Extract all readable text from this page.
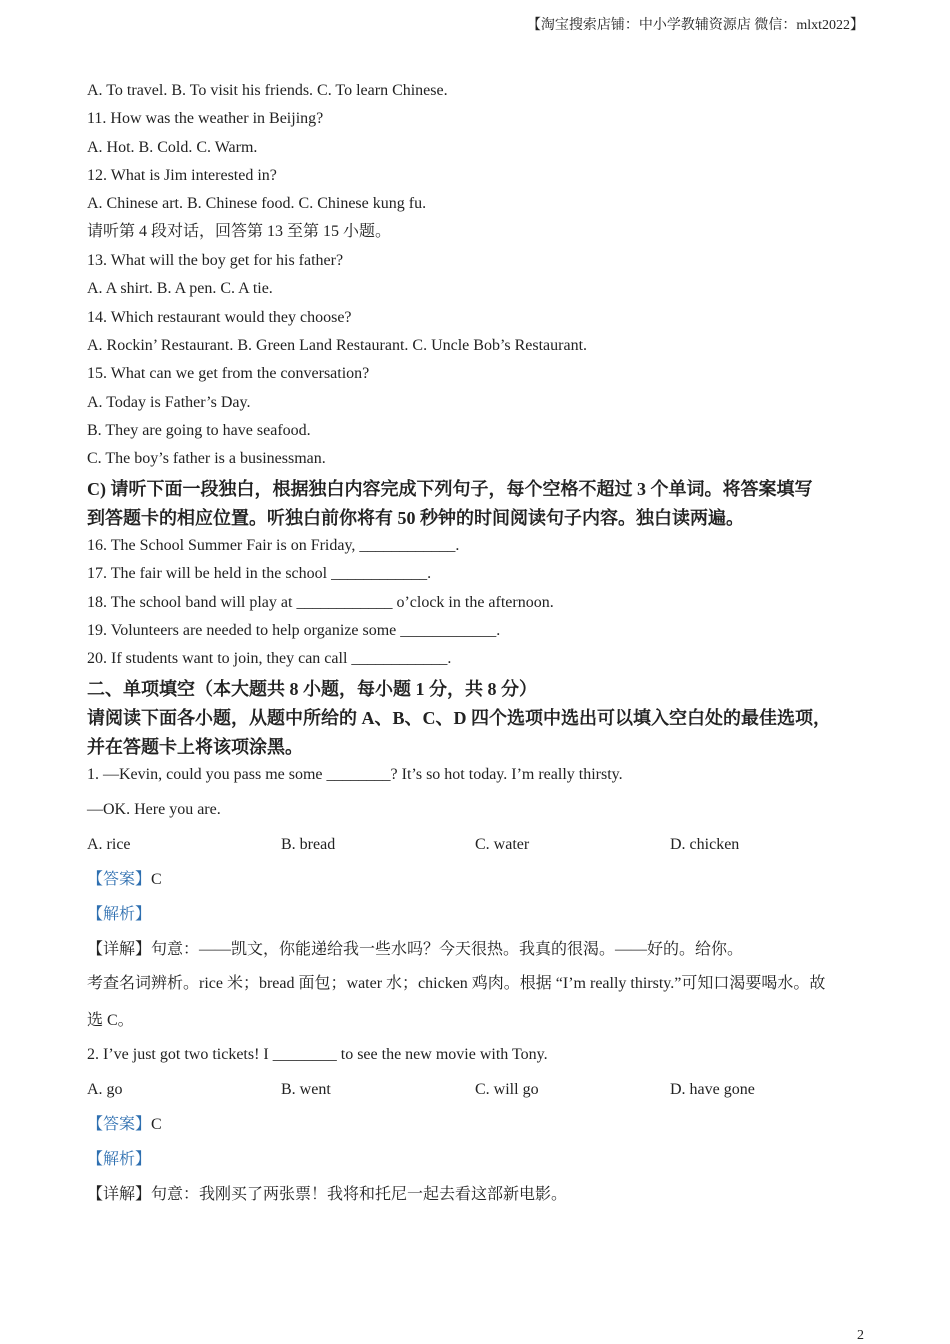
【淘宝搜索店铺：中小学教辅资源店 微信：mlxt2022】
A. To travel. B. To visit his friends. C. To learn Chinese.
11. How was the weather in Beijing?
A. Hot. B. Cold. C. Warm.
12. What is Jim interested in?
A. Chinese art. B. Chinese food. C. Chinese kung fu.
请听第 4 段对话，回答第 13 至第 15 小题。
13. What will the boy get for his father?
A. A shirt. B. A pen. C. A tie.
14. Which restaurant would they choose?
A. Rockin’ Restaurant. B. Green Land Restaurant. C. Uncle Bob’s Restaurant.
15. What can we get from the conversation?
A. Today is Father’s Day.
B. They are going to have seafood.
C. The boy’s father is a businessman.
C) 请听下面一段独白，根据独白内容完成下列句子，每个空格不超过 3 个单词。将答案填写
到答题卡的相应位置。听独白前你将有 50 秒钟的时间阅读句子内容。独白读两遍。
16. The School Summer Fair is on Friday, ____________.
17. The fair will be held in the school ____________.
18. The school band will play at ____________ o’clock in the afternoon.
19. Volunteers are needed to help organize some ____________.
20. If students want to join, they can call ____________.
二、单项填空（本大题共 8 小题，每小题 1 分，共 8 分）
请阅读下面各小题，从题中所给的 A、B、C、D 四个选项中选出可以填入空白处的最佳选项，
并在答题卡上将该项涂黑。
1. —Kevin, could you pass me some ________? It’s so hot today. I’m really thirsty.
—OK. Here you are.
A. rice	B. bread	C. water	D. chicken
【答案】C
【解析】
【详解】句意：——凯文，你能递给我一些水吗？今天很热。我真的很渴。——好的。给你。
考查名词辨析。rice 米；bread 面包；water 水；chicken 鸡肉。根据 “I’m really thirsty.”可知口渴要喝水。故
选 C。
2. I’ve just got two tickets! I ________ to see the new movie with Tony.
A. go	B. went	C. will go	D. have gone
【答案】C
【解析】
【详解】句意：我刚买了两张票！我将和托尼一起去看这部新电影。
2
